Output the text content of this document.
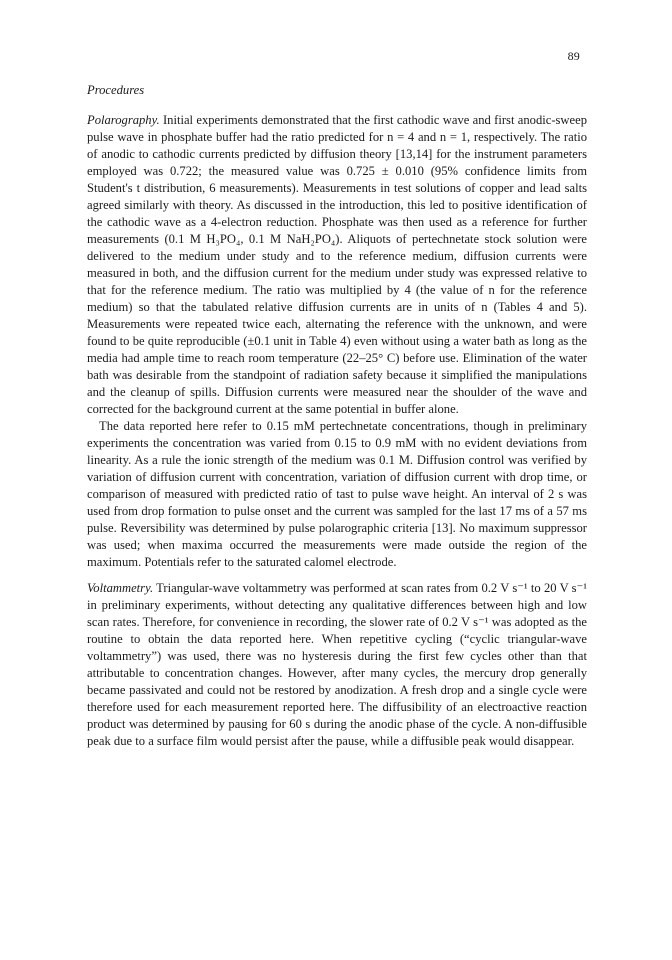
89
Procedures

Polarography. Initial experiments demonstrated that the first cathodic wave and first anodic-sweep pulse wave in phosphate buffer had the ratio predicted for n = 4 and n = 1, respectively. The ratio of anodic to cathodic currents predicted by diffusion theory [13,14] for the instrument parameters employed was 0.722; the measured value was 0.725 ± 0.010 (95% confidence limits from Student's t distribution, 6 measurements). Measurements in test solutions of copper and lead salts agreed similarly with theory. As discussed in the introduction, this led to positive identification of the cathodic wave as a 4-electron reduction. Phosphate was then used as a reference for further measurements (0.1 M H₃PO₄, 0.1 M NaH₂PO₄). Aliquots of pertechnetate stock solution were delivered to the medium under study and to the reference medium, diffusion currents were measured in both, and the diffusion current for the medium under study was expressed relative to that for the reference medium. The ratio was multiplied by 4 (the value of n for the reference medium) so that the tabulated relative diffusion currents are in units of n (Tables 4 and 5). Measurements were repeated twice each, alternating the reference with the unknown, and were found to be quite reproducible (±0.1 unit in Table 4) even without using a water bath as long as the media had ample time to reach room temperature (22–25° C) before use. Elimination of the water bath was desirable from the standpoint of radiation safety because it simplified the manipulations and the cleanup of spills. Diffusion currents were measured near the shoulder of the wave and corrected for the background current at the same potential in buffer alone.

The data reported here refer to 0.15 mM pertechnetate concentrations, though in preliminary experiments the concentration was varied from 0.15 to 0.9 mM with no evident deviations from linearity. As a rule the ionic strength of the medium was 0.1 M. Diffusion control was verified by variation of diffusion current with concentration, variation of diffusion current with drop time, or comparison of measured with predicted ratio of tast to pulse wave height. An interval of 2 s was used from drop formation to pulse onset and the current was sampled for the last 17 ms of a 57 ms pulse. Reversibility was determined by pulse polarographic criteria [13]. No maximum suppressor was used; when maxima occurred the measurements were made outside the region of the maximum. Potentials refer to the saturated calomel electrode.

Voltammetry. Triangular-wave voltammetry was performed at scan rates from 0.2 V s⁻¹ to 20 V s⁻¹ in preliminary experiments, without detecting any qualitative differences between high and low scan rates. Therefore, for convenience in recording, the slower rate of 0.2 V s⁻¹ was adopted as the routine to obtain the data reported here. When repetitive cycling (“cyclic triangular-wave voltammetry”) was used, there was no hysteresis during the first few cycles other than that attributable to concentration changes. However, after many cycles, the mercury drop generally became passivated and could not be restored by anodization. A fresh drop and a single cycle were therefore used for each measurement reported here. The diffusibility of an electroactive reaction product was determined by pausing for 60 s during the anodic phase of the cycle. A non-diffusible peak due to a surface film would persist after the pause, while a diffusible peak would disappear.
